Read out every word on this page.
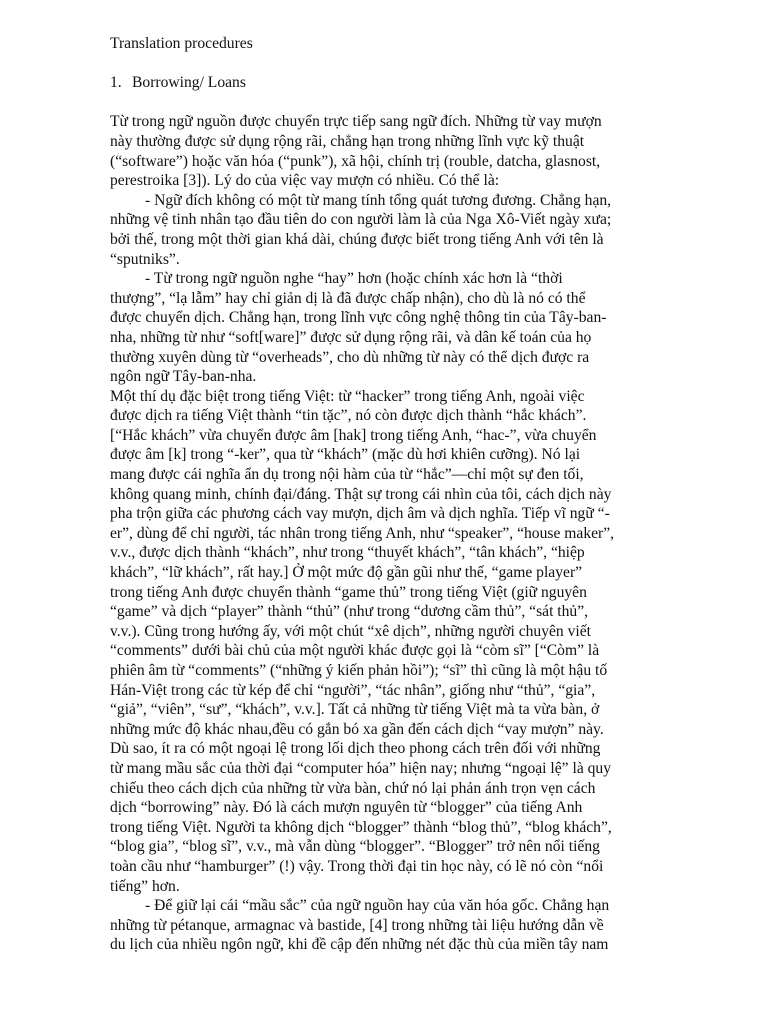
Translation procedures

1. Borrowing/ Loans

Từ trong ngữ nguồn được chuyển trực tiếp sang ngữ đích. Những từ vay mượn
này thường được sử dụng rộng rãi, chẳng hạn trong những lĩnh vực kỹ thuật
(“software”) hoặc văn hóa (“punk”), xã hội, chính trị (rouble, datcha, glasnost,
perestroika [3]). Lý do của việc vay mượn có nhiều. Có thể là:

- Ngữ đích không có một từ mang tính tổng quát tương đương. Chẳng hạn,
những vệ tinh nhân tạo đầu tiên do con người làm là của Nga Xô-Viết ngày xưa;
bởi thế, trong một thời gian khá dài, chúng được biết trong tiếng Anh với tên là
“sputniks”.

- Từ trong ngữ nguồn nghe “hay” hơn (hoặc chính xác hơn là “thời
thượng”, “lạ lẫm” hay chỉ giản dị là đã được chấp nhận), cho dù là nó có thể
được chuyển dịch. Chẳng hạn, trong lĩnh vực công nghệ thông tin của Tây-ban-
nha, những từ như “soft[ware]” được sử dụng rộng rãi, và dân kế toán của họ
thường xuyên dùng từ “overheads”, cho dù những từ này có thể dịch được ra
ngôn ngữ Tây-ban-nha.

Một thí dụ đặc biệt trong tiếng Việt: từ “hacker” trong tiếng Anh, ngoài việc
được dịch ra tiếng Việt thành “tin tặc”, nó còn được dịch thành “hắc khách”.
[“Hắc khách” vừa chuyển được âm [hak] trong tiếng Anh, “hac-”, vừa chuyển
được âm [k] trong “-ker”, qua từ “khách” (mặc dù hơi khiên cưỡng). Nó lại
mang được cái nghĩa ẩn dụ trong nội hàm của từ “hắc”—chỉ một sự đen tối,
không quang minh, chính đại/đáng. Thật sự trong cái nhìn của tôi, cách dịch này
pha trộn giữa các phương cách vay mượn, dịch âm và dịch nghĩa. Tiếp vĩ ngữ “-
er”, dùng để chỉ người, tác nhân trong tiếng Anh, như “speaker”, “house maker”,
v.v., được dịch thành “khách”, như trong “thuyết khách”, “tân khách”, “hiệp
khách”, “lữ khách”, rất hay.] Ở một mức độ gần gũi như thế, “game player”
trong tiếng Anh được chuyển thành “game thủ” trong tiếng Việt (giữ nguyên
“game” và dịch “player” thành “thủ” (như trong “dương cầm thủ”, “sát thủ”,
v.v.). Cũng trong hướng ấy, với một chút “xê dịch”, những người chuyên viết
“comments” dưới bài chủ của một người khác được gọi là “còm sĩ” [“Còm” là
phiên âm từ “comments” (“những ý kiến phản hồi”); “sĩ” thì cũng là một hậu tố
Hán-Việt trong các từ kép để chỉ “người”, “tác nhân”, giống như “thủ”, “gia”,
“giả”, “viên”, “sư”, “khách”, v.v.]. Tất cả những từ tiếng Việt mà ta vừa bàn, ở
những mức độ khác nhau,đều có gắn bó xa gần đến cách dịch “vay mượn” này.
Dù sao, ít ra có một ngoại lệ trong lối dịch theo phong cách trên đối với những
từ mang mầu sắc của thời đại “computer hóa” hiện nay; nhưng “ngoại lệ” là quy
chiếu theo cách dịch của những từ vừa bàn, chứ nó lại phản ánh trọn vẹn cách
dịch “borrowing” này. Đó là cách mượn nguyên từ “blogger” của tiếng Anh
trong tiếng Việt. Người ta không dịch “blogger” thành “blog thủ”, “blog khách”,
“blog gia”, “blog sĩ”, v.v., mà vẫn dùng “blogger”. “Blogger” trở nên nổi tiếng
toàn cầu như “hamburger” (!) vậy. Trong thời đại tin học này, có lẽ nó còn “nổi
tiếng” hơn.

- Để giữ lại cái “mầu sắc” của ngữ nguồn hay của văn hóa gốc. Chẳng hạn
những từ pétanque, armagnac và bastide, [4] trong những tài liệu hướng dẫn về
du lịch của nhiều ngôn ngữ, khi đề cập đến những nét đặc thù của miền tây nam
